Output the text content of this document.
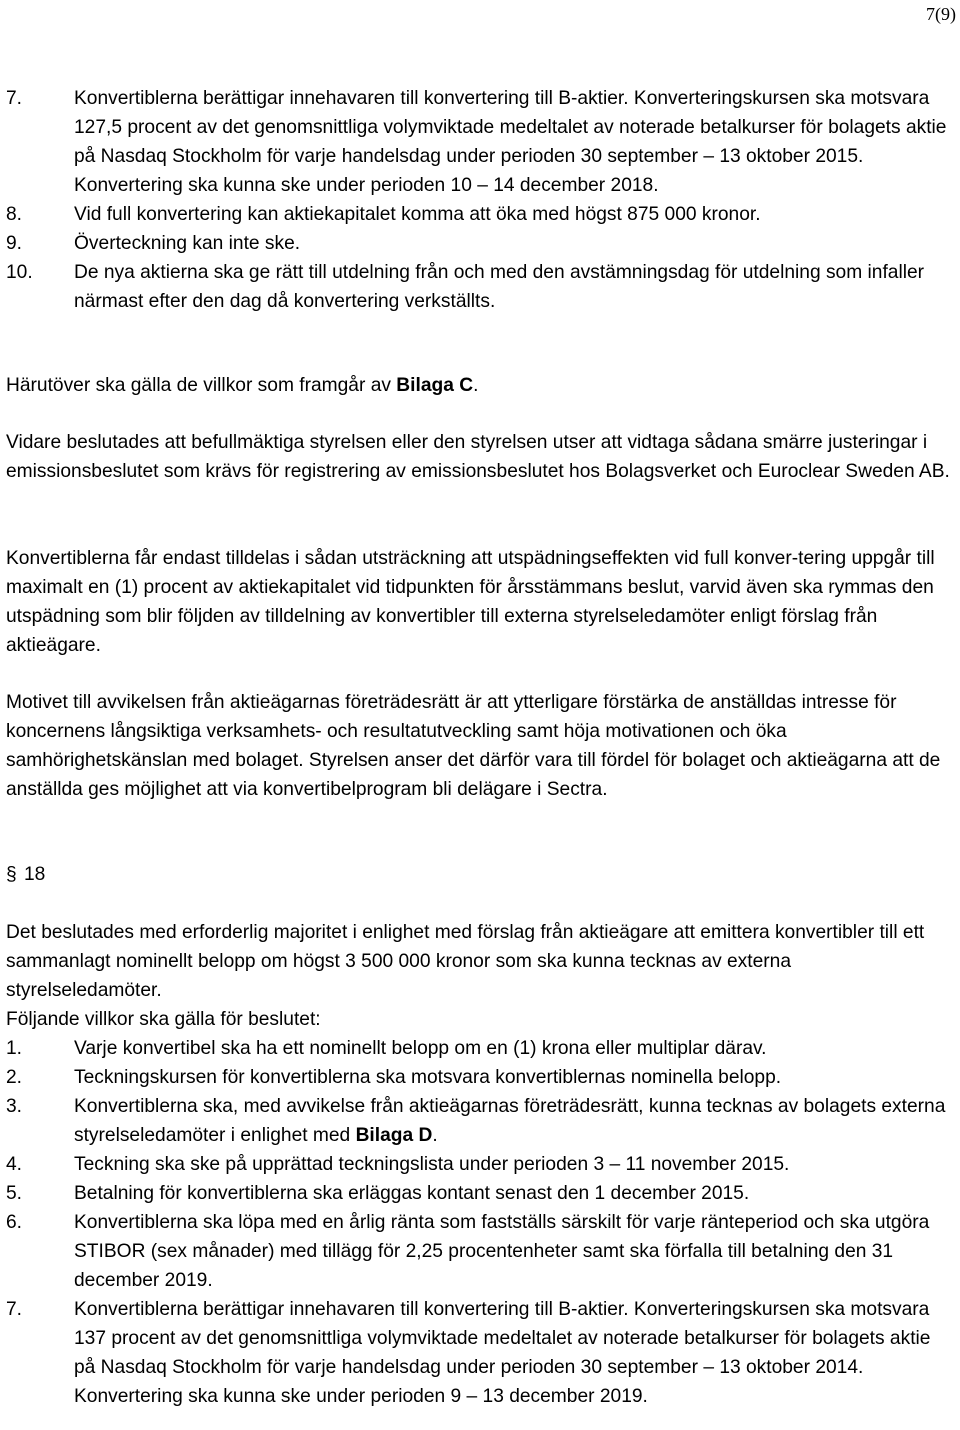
7(9)
7.	Konvertiblerna berättigar innehavaren till konvertering till B-aktier. Konverteringskursen ska motsvara 127,5 procent av det genomsnittliga volymviktade medeltalet av noterade betalkurser för bolagets aktie på Nasdaq Stockholm för varje handelsdag under perioden 30 september – 13 oktober 2015. Konvertering ska kunna ske under perioden 10 – 14 december 2018.
8.	Vid full konvertering kan aktiekapitalet komma att öka med högst 875 000 kronor.
9.	Överteckning kan inte ske.
10. De nya aktierna ska ge rätt till utdelning från och med den avstämningsdag för utdelning som infaller närmast efter den dag då konvertering verkställts.

Härutöver ska gälla de villkor som framgår av Bilaga C.

Vidare beslutades att befullmäktiga styrelsen eller den styrelsen utser att vidtaga sådana smärre justeringar i emissionsbeslutet som krävs för registrering av emissionsbeslutet hos Bolagsverket och Euroclear Sweden AB.

Konvertiblerna får endast tilldelas i sådan utsträckning att utspädningseffekten vid full konver-tering uppgår till maximalt en (1) procent av aktiekapitalet vid tidpunkten för årsstämmans beslut, varvid även ska rymmas den utspädning som blir följden av tilldelning av konvertibler till externa styrelseledamöter enligt förslag från aktieägare.

Motivet till avvikelsen från aktieägarnas företrädesrätt är att ytterligare förstärka de anställdas intresse för koncernens långsiktiga verksamhets- och resultatutveckling samt höja motivationen och öka samhörighetskänslan med bolaget. Styrelsen anser det därför vara till fördel för bolaget och aktieägarna att de anställda ges möjlighet att via konvertibelprogram bli delägare i Sectra.

§ 18

Det beslutades med erforderlig majoritet i enlighet med förslag från aktieägare att emittera konvertibler till ett sammanlagt nominellt belopp om högst 3 500 000 kronor som ska kunna tecknas av externa styrelseledamöter.

Följande villkor ska gälla för beslutet:

1.	Varje konvertibel ska ha ett nominellt belopp om en (1) krona eller multiplar därav.
2.	Teckningskursen för konvertiblerna ska motsvara konvertiblernas nominella belopp.
3.	Konvertiblerna ska, med avvikelse från aktieägarnas företrädesrätt, kunna tecknas av bolagets externa styrelseledamöter i enlighet med Bilaga D.
4.	Teckning ska ske på upprättad teckningslista under perioden 3 – 11 november 2015.
5.	Betalning för konvertiblerna ska erläggas kontant senast den 1 december 2015.
6.	Konvertiblerna ska löpa med en årlig ränta som fastställs särskilt för varje ränteperiod och ska utgöra STIBOR (sex månader) med tillägg för 2,25 procentenheter samt ska förfalla till betalning den 31 december 2019.
7.	Konvertiblerna berättigar innehavaren till konvertering till B-aktier. Konverteringskursen ska motsvara 137 procent av det genomsnittliga volymviktade medeltalet av noterade betalkurser för bolagets aktie på Nasdaq Stockholm för varje handelsdag under perioden 30 september – 13 oktober 2014. Konvertering ska kunna ske under perioden 9 – 13 december 2019.
